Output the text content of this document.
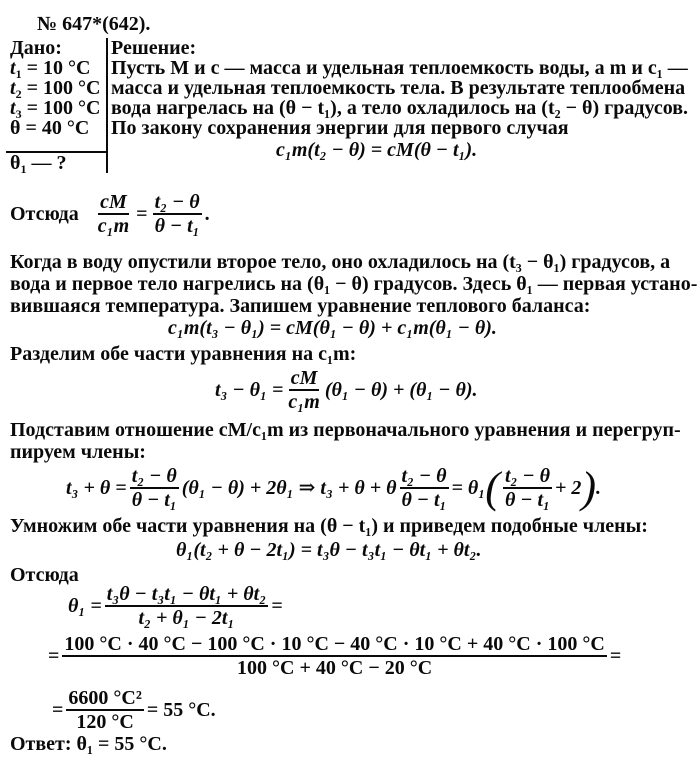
№ 647*(642).
Дано:
$t_1 = 10$ °C
$t_2 = 100$ °C
$t_3 = 100$ °C
θ = 40 °C
$\theta_1$ — ?
Решение:
Пусть M и c — масса и удельная теплоемкость воды, а m и c₁ —
масса и удельная теплоемкость тела. В результате теплообмена
вода нагрелась на (θ − t₁), а тело охладилось на (t₂ − θ) градусов.
По закону сохранения энергии для первого случая
c₁m(t₂ − θ) = cM(θ − t₁).
Отсюда $\frac{cM}{\text{c₁m}} = \frac{\text{t₂ − θ}}{\text{θ − t₁}}$ .
Когда в воду опустили второе тело, оно охладилось на (t₃ − θ₁) градусов, а
вода и первое тело нагрелись на (θ₁ − θ) градусов. Здесь θ₁ — первая устано-
вившаяся температура. Запишем уравнение теплового баланса:
c₁m(t₃ − θ₁) = cM(θ₁ − θ) + c₁m(θ₁ − θ).
Разделим обе части уравнения на c₁m:
$t_3 - \theta_1 = \frac{cM}{\text{c₁m}} (\theta_1 - \theta) + (\theta_1 - \theta)$.
Подставим отношение cM/c₁m из первоначального уравнения и перегруп-
пируем члены:
$t_3 + \theta = \frac{\text{t₂ − θ}}{\text{θ − t₁}} (\theta_1 - \theta) + 2\theta_1$ ⇒ t₃ + θ + θ $\frac{\text{t₂ − θ}}{\text{θ − t₁}} = \theta_1$ ( $\frac{\text{t₂ − θ}}{\text{θ − t₁}} + 2$ ) .
Умножим обе части уравнения на (θ − t₁) и приведем подобные члены:
θ₁(t₂ + θ − 2t₁) = t₃θ − t₃t₁ − θt₁ + θt₂.
Отсюда
$\theta_1 = \frac{\text{t₃θ − t₃t₁ − θt₁ + θt₂}}{\text{t₂ + θ₁ − 2t₁}}$ =
=
100 °C · 40 °C − 100 °C · 10 °C − 40 °C · 10 °C + 40 °C · 100 °C
100 °C + 40 °C − 20 °C
=
= $\frac{\text{6600 °C²}}{120 ^\circ C} = 55$ °C.
Ответ: θ₁ = 55 °C.
